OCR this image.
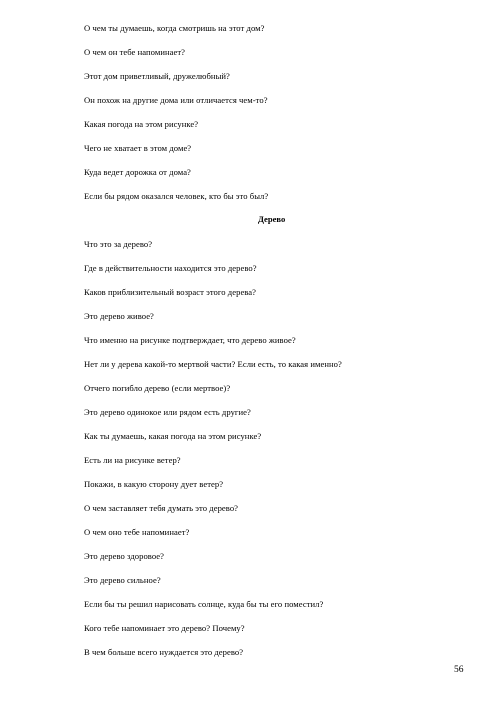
О чем ты думаешь, когда смотришь на этот дом?
О чем он тебе напоминает?
Этот дом приветливый, дружелюбный?
Он похож на другие дома или отличается чем-то?
Какая погода на этом рисунке?
Чего не хватает в этом доме?
Куда ведет дорожка от дома?
Если бы рядом оказался человек, кто бы это был?
Дерево
Что это за дерево?
Где в действительности находится это дерево?
Каков приблизительный возраст этого дерева?
Это дерево живое?
Что именно на рисунке подтверждает, что дерево живое?
Нет ли у дерева какой-то мертвой части? Если есть, то какая именно?
Отчего погибло дерево (если мертвое)?
Это дерево одинокое или рядом есть другие?
Как ты думаешь, какая погода на этом рисунке?
Есть ли на рисунке ветер?
Покажи, в какую сторону дует ветер?
О чем заставляет тебя думать это дерево?
О чем оно тебе напоминает?
Это дерево здоровое?
Это дерево сильное?
Если бы ты решил нарисовать солнце, куда бы ты его поместил?
Кого тебе напоминает это дерево? Почему?
В чем больше всего нуждается это дерево?
56
